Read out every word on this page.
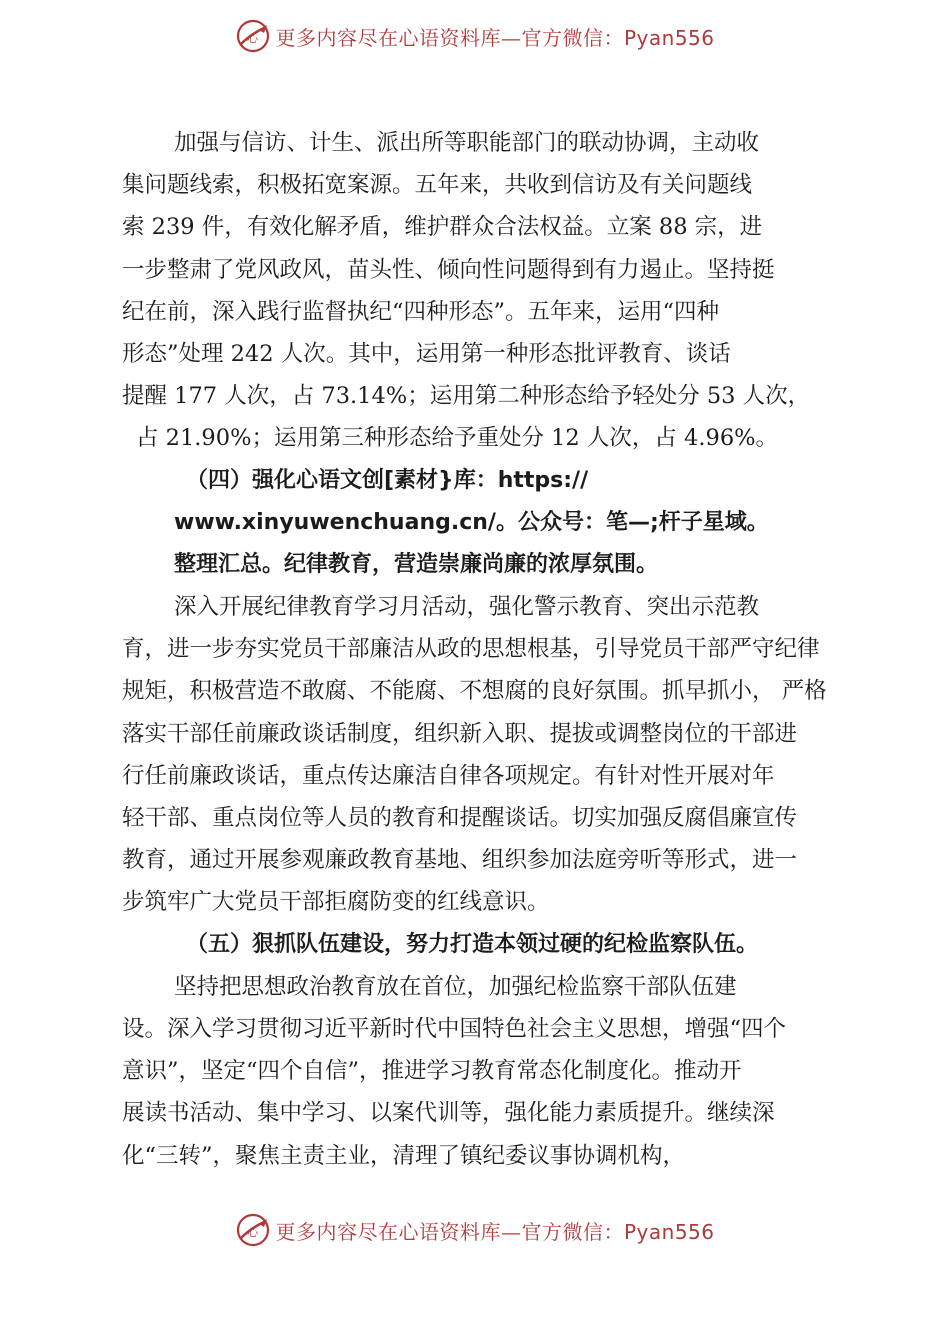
心 更多内容尽在心语资料库—官方微信：Pyan556
加强与信访、计生、派出所等职能部门的联动协调，主动收
集问题线索，积极拓宽案源。五年来，共收到信访及有关问题线
索 239 件，有效化解矛盾，维护群众合法权益。立案 88 宗，进
一步整肃了党风政风，苗头性、倾向性问题得到有力遏止。坚持挺
纪在前，深入践行监督执纪“四种形态”。五年来，运用“四种
形态”处理 242 人次。其中，运用第一种形态批评教育、谈话
提醒 177 人次，占 73.14%；运用第二种形态给予轻处分 53 人次，
占 21.90%；运用第三种形态给予重处分 12 人次，占 4.96%。
（四）强化心语文创[素材}库：https://
www.xinyuwenchuang.cn/。公众号：笔—;杆子星域。
整理汇总。纪律教育，营造崇廉尚廉的浓厚氛围。
深入开展纪律教育学习月活动，强化警示教育、突出示范教
育，进一步夯实党员干部廉洁从政的思想根基，引导党员干部严守纪律
规矩，积极营造不敢腐、不能腐、不想腐的良好氛围。抓早抓小， 严格
落实干部任前廉政谈话制度，组织新入职、提拔或调整岗位的干部进
行任前廉政谈话，重点传达廉洁自律各项规定。有针对性开展对年
轻干部、重点岗位等人员的教育和提醒谈话。切实加强反腐倡廉宣传
教育，通过开展参观廉政教育基地、组织参加法庭旁听等形式，进一
步筑牢广大党员干部拒腐防变的红线意识。
（五）狠抓队伍建设，努力打造本领过硬的纪检监察队伍。
坚持把思想政治教育放在首位，加强纪检监察干部队伍建
设。深入学习贯彻习近平新时代中国特色社会主义思想，增强“四个
意识”，坚定“四个自信”，推进学习教育常态化制度化。推动开
展读书活动、集中学习、以案代训等，强化能力素质提升。继续深
化“三转”，聚焦主责主业，清理了镇纪委议事协调机构，
心 更多内容尽在心语资料库—官方微信：Pyan556
